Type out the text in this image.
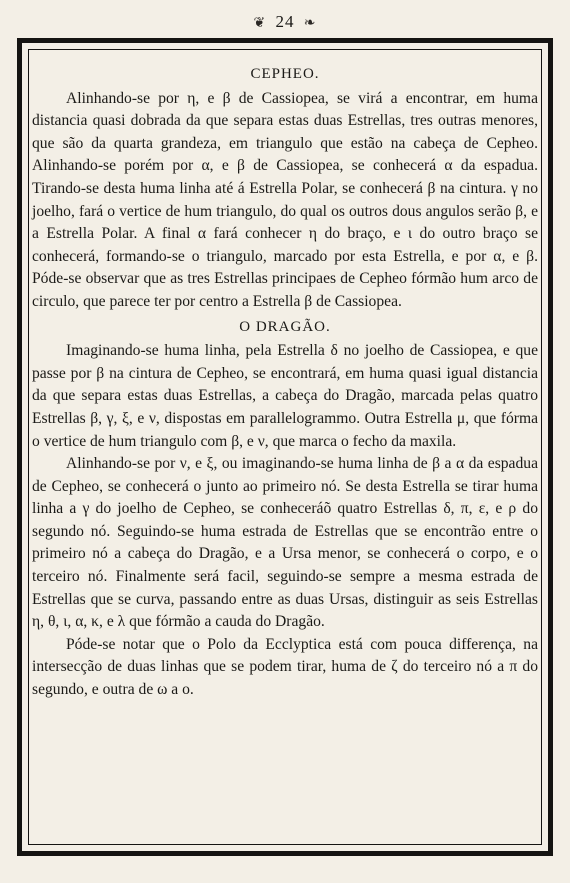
❦ 24 ❧
CEPHEO.

Alinhando-se por η, e β de Cassiopea, se virá a encontrar, em huma distancia quasi dobrada da que separa estas duas Estrellas, tres outras menores, que são da quarta grandeza, em triangulo que estão na cabeça de Cepheo. Alinhando-se porém por α, e β de Cassiopea, se conhecerá α da espadua. Tirando-se desta huma linha até á Estrella Polar, se conhecerá β na cintura. γ no joelho, fará o vertice de hum triangulo, do qual os outros dous angulos serão β, e a Estrella Polar. A final α fará conhecer η do braço, e ι do outro braço se conhecerá, formando-se o triangulo, marcado por esta Estrella, e por α, e β. Póde-se observar que as tres Estrellas principaes de Cepheo fórmão hum arco de circulo, que parece ter por centro a Estrella β de Cassiopea.

O DRAGÃO.

Imaginando-se huma linha, pela Estrella δ no joelho de Cassiopea, e que passe por β na cintura de Cepheo, se encontrará, em huma quasi igual distancia da que separa estas duas Estrellas, a cabeça do Dragão, marcada pelas quatro Estrellas β, γ, ξ, e ν, dispostas em parallelogrammo. Outra Estrella μ, que fórma o vertice de hum triangulo com β, e ν, que marca o fecho da maxila.

Alinhando-se por ν, e ξ, ou imaginando-se huma linha de β a α da espadua de Cepheo, se conhecerá ο junto ao primeiro nó. Se desta Estrella se tirar huma linha a γ do joelho de Cepheo, se conheceráõ quatro Estrellas δ, π, ε, e ρ do segundo nó. Seguindo-se huma estrada de Estrellas que se encontrão entre o primeiro nó a cabeça do Dragão, e a Ursa menor, se conhecerá o corpo, e o terceiro nó. Finalmente será facil, seguindo-se sempre a mesma estrada de Estrellas que se curva, passando entre as duas Ursas, distinguir as seis Estrellas η, θ, ι, α, κ, e λ que fórmão a cauda do Dragão.

Póde-se notar que o Polo da Ecclyptica está com pouca differença, na intersecção de duas linhas que se podem tirar, huma de ζ do terceiro nó a π do segundo, e outra de ω a ο.
